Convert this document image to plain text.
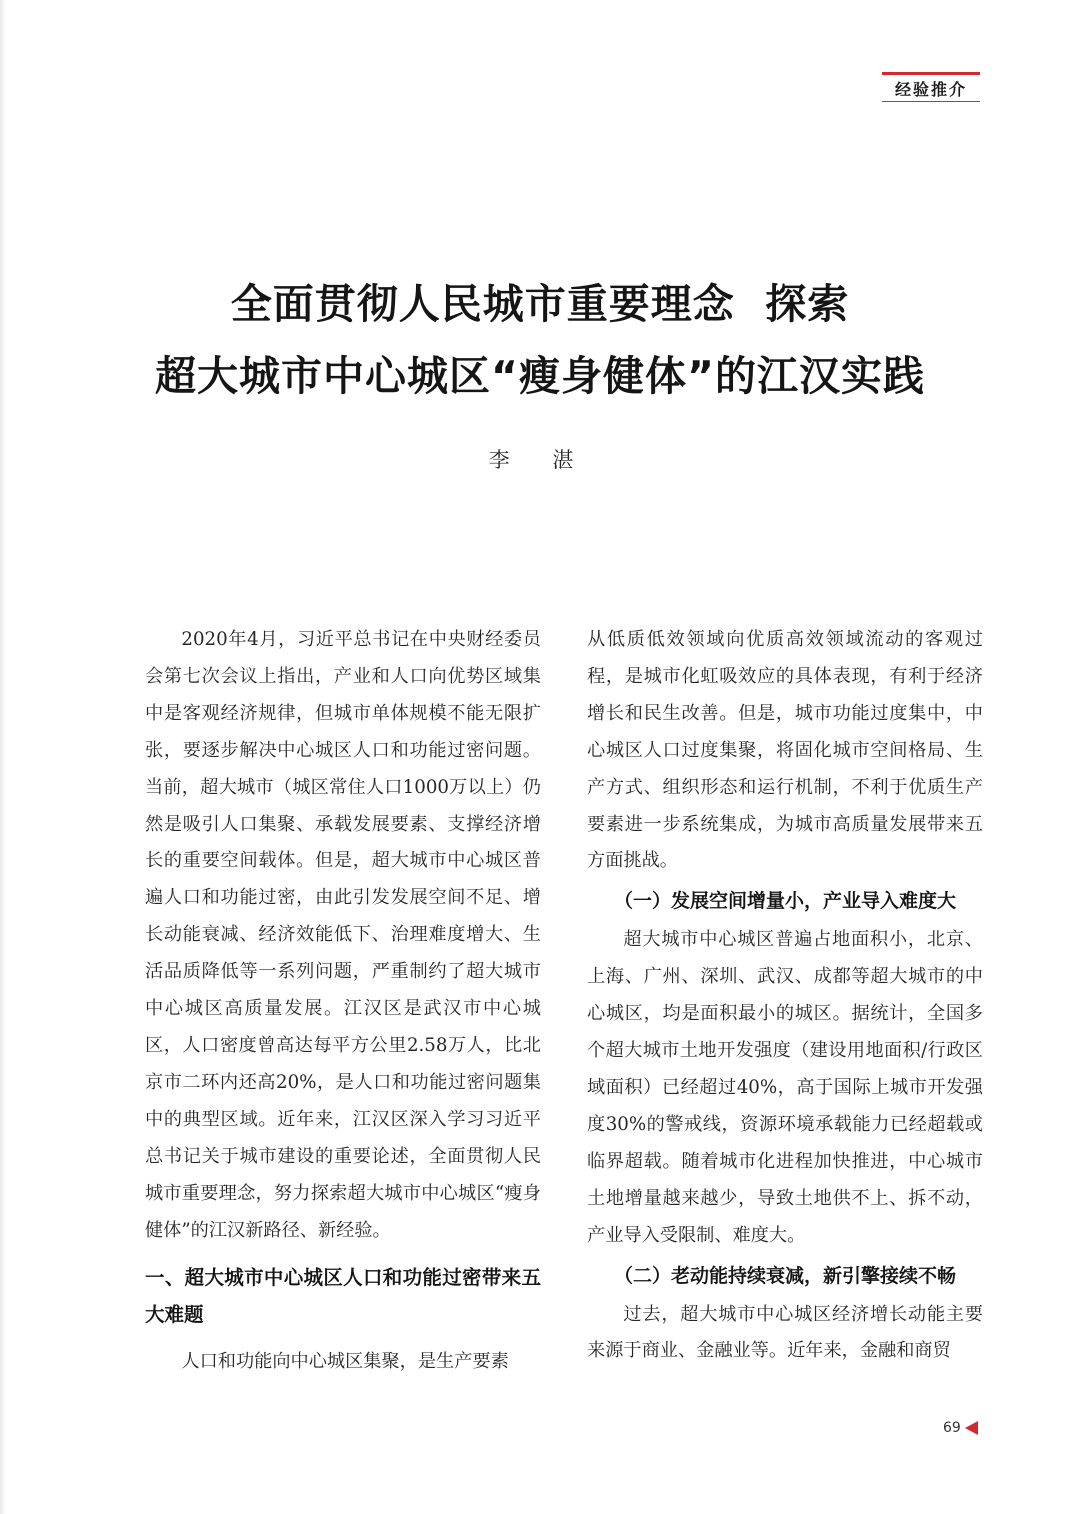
经验推介
全面贯彻人民城市重要理念  探索
超大城市中心城区“瘦身健体”的江汉实践
李 湛

2020年4月，习近平总书记在中央财经委员会第七次会议上指出，产业和人口向优势区域集中是客观经济规律，但城市单体规模不能无限扩张，要逐步解决中心城区人口和功能过密问题。当前，超大城市（城区常住人口1000万以上）仍然是吸引人口集聚、承载发展要素、支撑经济增长的重要空间载体。但是，超大城市中心城区普遍人口和功能过密，由此引发发展空间不足、增长动能衰减、经济效能低下、治理难度增大、生活品质降低等一系列问题，严重制约了超大城市中心城区高质量发展。江汉区是武汉市中心城区，人口密度曾高达每平方公里2.58万人，比北京市二环内还高20%，是人口和功能过密问题集中的典型区域。近年来，江汉区深入学习习近平总书记关于城市建设的重要论述，全面贯彻人民城市重要理念，努力探索超大城市中心城区“瘦身健体”的江汉新路径、新经验。

一、超大城市中心城区人口和功能过密带来五大难题

人口和功能向中心城区集聚，是生产要素

从低质低效领域向优质高效领域流动的客观过程，是城市化虹吸效应的具体表现，有利于经济增长和民生改善。但是，城市功能过度集中，中心城区人口过度集聚，将固化城市空间格局、生产方式、组织形态和运行机制，不利于优质生产要素进一步系统集成，为城市高质量发展带来五方面挑战。

（一）发展空间增量小，产业导入难度大

超大城市中心城区普遍占地面积小，北京、上海、广州、深圳、武汉、成都等超大城市的中心城区，均是面积最小的城区。据统计，全国多个超大城市土地开发强度（建设用地面积/行政区域面积）已经超过40%，高于国际上城市开发强度30%的警戒线，资源环境承载能力已经超载或临界超载。随着城市化进程加快推进，中心城市土地增量越来越少，导致土地供不上、拆不动，产业导入受限制、难度大。

（二）老动能持续衰减，新引擎接续不畅

过去，超大城市中心城区经济增长动能主要来源于商业、金融业等。近年来，金融和商贸

69
